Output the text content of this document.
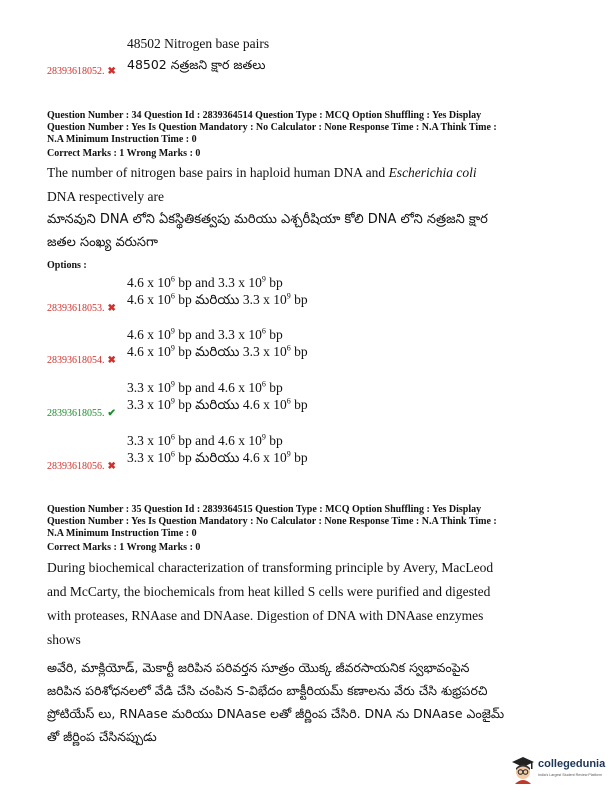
48502 Nitrogen base pairs
28393618052. ✖ 48502 నత్రజని క్షార జతలు
Question Number : 34 Question Id : 2839364514 Question Type : MCQ Option Shuffling : Yes Display
Question Number : Yes Is Question Mandatory : No Calculator : None Response Time : N.A Think Time :
N.A Minimum Instruction Time : 0
Correct Marks : 1 Wrong Marks : 0
The number of nitrogen base pairs in haploid human DNA and Escherichia coli
DNA respectively are
మానవుని DNA లోని ఏకస్థితికత్వపు మరియు ఎశ్చరీషియా కోలి DNA లోని నత్రజని క్షార
జతల సంఖ్య వరుసగా
Options :
4.6 x $10^6$ bp and 3.3 x $10^9$ bp
28393618053. ✖
4.6 x $10^6$ bp మరియు 3.3 x $10^9$ bp
4.6 x $10^9$ bp and 3.3 x $10^6$ bp
28393618054. ✖
4.6 x $10^9$ bp మరియు 3.3 x $10^6$ bp
3.3 x $10^9$ bp and 4.6 x $10^6$ bp
28393618055. ✔
3.3 x $10^9$ bp మరియు 4.6 x $10^6$ bp
3.3 x $10^6$ bp and 4.6 x $10^9$ bp
28393618056. ✖
3.3 x $10^6$ bp మరియు 4.6 x $10^9$ bp
Question Number : 35 Question Id : 2839364515 Question Type : MCQ Option Shuffling : Yes Display
Question Number : Yes Is Question Mandatory : No Calculator : None Response Time : N.A Think Time :
N.A Minimum Instruction Time : 0
Correct Marks : 1 Wrong Marks : 0
During biochemical characterization of transforming principle by Avery, MacLeod
and McCarty, the biochemicals from heat killed S cells were purified and digested
with proteases, RNAase and DNAase. Digestion of DNA with DNAase enzymes
shows
అవేరి, మాక్లియోడ్, మెకార్టీ జరిపిన పరివర్తన సూత్రం యొక్క జీవరసాయనిక స్వభావంపైన
జరిపిన పరిశోధనలలో వేడి చేసి చంపిన S-విభేదం బాక్టీరియమ్ కణాలను వేరు చేసి శుభ్రపరచి
ప్రోటియేస్ లు, RNAase మరియు DNAase లతో జీర్ణింప చేసిరి. DNA ను DNAase ఎంజైమ్
తో జీర్ణింప చేసినప్పుడు
collegedunia
India's Largest Student Review Platform
